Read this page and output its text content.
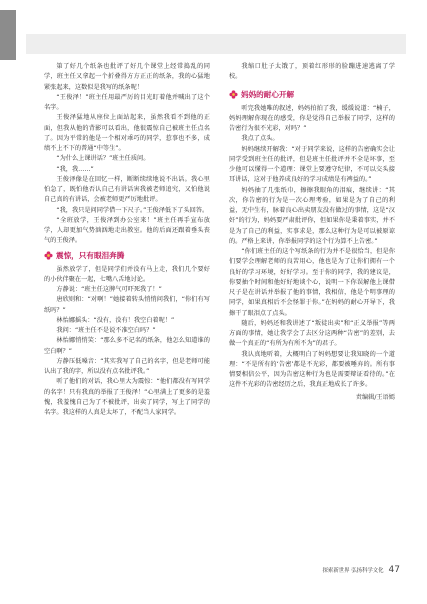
第了好几个纸条也批评了好几个课堂上经常捣乱的同学，班主任又拿起一个折叠得方方正正的纸条，我的心猛地紧张起来，这数似是我写的纸条呢！

“王俊泽！”班主任用最严厉的目光盯着他并喊出了这个名字。

王俊泽猛地从座位上面站起来，虽然我看不到他的正面，但我从他的背影可以看出，他很震惊自己被班主任点名了。因为平常的他是一个相对乖巧的同学，惹事也不多，成绩不上不下的普通“中等生”。

“为什么上课讲话？”班主任质问。

“我，我……”

王俊泽像是在回忆一样，断断续续地说不出话。我心里怕急了，既怕他否认自己有讲话害我被老师追究，又怕他说自己真的有讲话，会被老师更严厉地批评。

“我，我只是问同学借一下尺子。”王俊泽低下了头回答。

“全班放学，王俊泽到办公室来！”班主任再手宣布放学，人却更加气势汹汹地走出教室。他的后面还跟着垂头丧气的王俊泽。

震惊，只有眼泪奔腾

虽然放学了，但是同学们并没有马上走，我们几个要好的小伙伴聚在一起，七嘴八舌地讨论。

方静说：“班主任这脾气可吓死我了！”

唐欣则和：“对啊！”她接着转头悄悄问我们，“你们有写纸吗？”

林怡娜摇头：“没有，没有！我空白着呢！”

我问：“班主任不是说不准空白吗？”

林怡娜悄悄笑：“那么多不记名的纸条，他怎么知道谁的空白啊？”

方静压低嗓音：“其实我写了自己的名字，但是老师可能认出了我的字，所以没有点名批评我。”

听了他们的对话，我心里大为震惊：“他们都没有写同学的名字！只有我真的举报了王俊泽！”心里满上了更多的是羞愧，我羞愧自己为了不被批评，出卖了同学，写上了同学的名字。我这样的人真是太坏了，不配当人家同学。

我缩口肚子太饿了，顶着红形形的脸蹦进速逃离了学校。

妈妈的耐心开解

听完我她唯的叙述，妈妈拍拍了我，缓缓说道：“楠子，妈妈理解你现在的感受，你是觉得自己举报了同学，这样的告密行为很不光彩，对吗？”

我点了点头。

妈妈继续开解我：“对于同学来说，这样的告密确实会让同学受到班主任的批评，但是班主任批评并不全是坏事，至少他可以懂得一个道理：课堂上要遵守纪律，不可以交头接耳讲话，这对于他养成良好的学习成绩是有裨益的。”

妈妈抽了几张纸巾，擦擦我眼角的泪痕，继续讲：“其次，你告密的行为是一次心理考验，如果是为了自己的利益，无中生有，脉着良心出卖朋友没有做过的事情，这是“汉奸”的行为，妈妈要严肃批评你，但如果你是秉着事实，并不是为了自己的利益，实事求是，那么这种行为是可以被原谅的。严格上来讲，你举报同学的这个行为算不上告密。”

“你们班主任的这个写纸条的行为并不是很恰当，但是你们要学会理解老师的良苦用心，他也是为了让你们拥有一个良好的学习环境，好好学习。至于你的同学，我的建议是，你要抽个时间和他好好地谈个心，说明一下你误解他上课借尺子是在讲话并举报了他的事情，我相信，他是个明事理的同学，如果真相后不会怪罪于你。”在妈妈的耐心开导下，我擦干了眼泪点了点头。

随后，妈妈还和我讲述了“叛徒出卖”和“正义举报”等两方面的事情，她让我学会了去区分这两种“告密”的差别，去做一个真正的“有所为有所不为”的君子。

我认真地听着，大概明白了妈妈想要让我知晓的一个道理：“不是所有的‘告密’都是不光彩，都要被唾弃的。所有事情要相信公平，因为告密这种行为也是需要辩证看待的。”在这件不光彩的告密经历之后，我真正地成长了许多。

责编辑/王语嫣

探索新世界 弘扬科学文化 47
